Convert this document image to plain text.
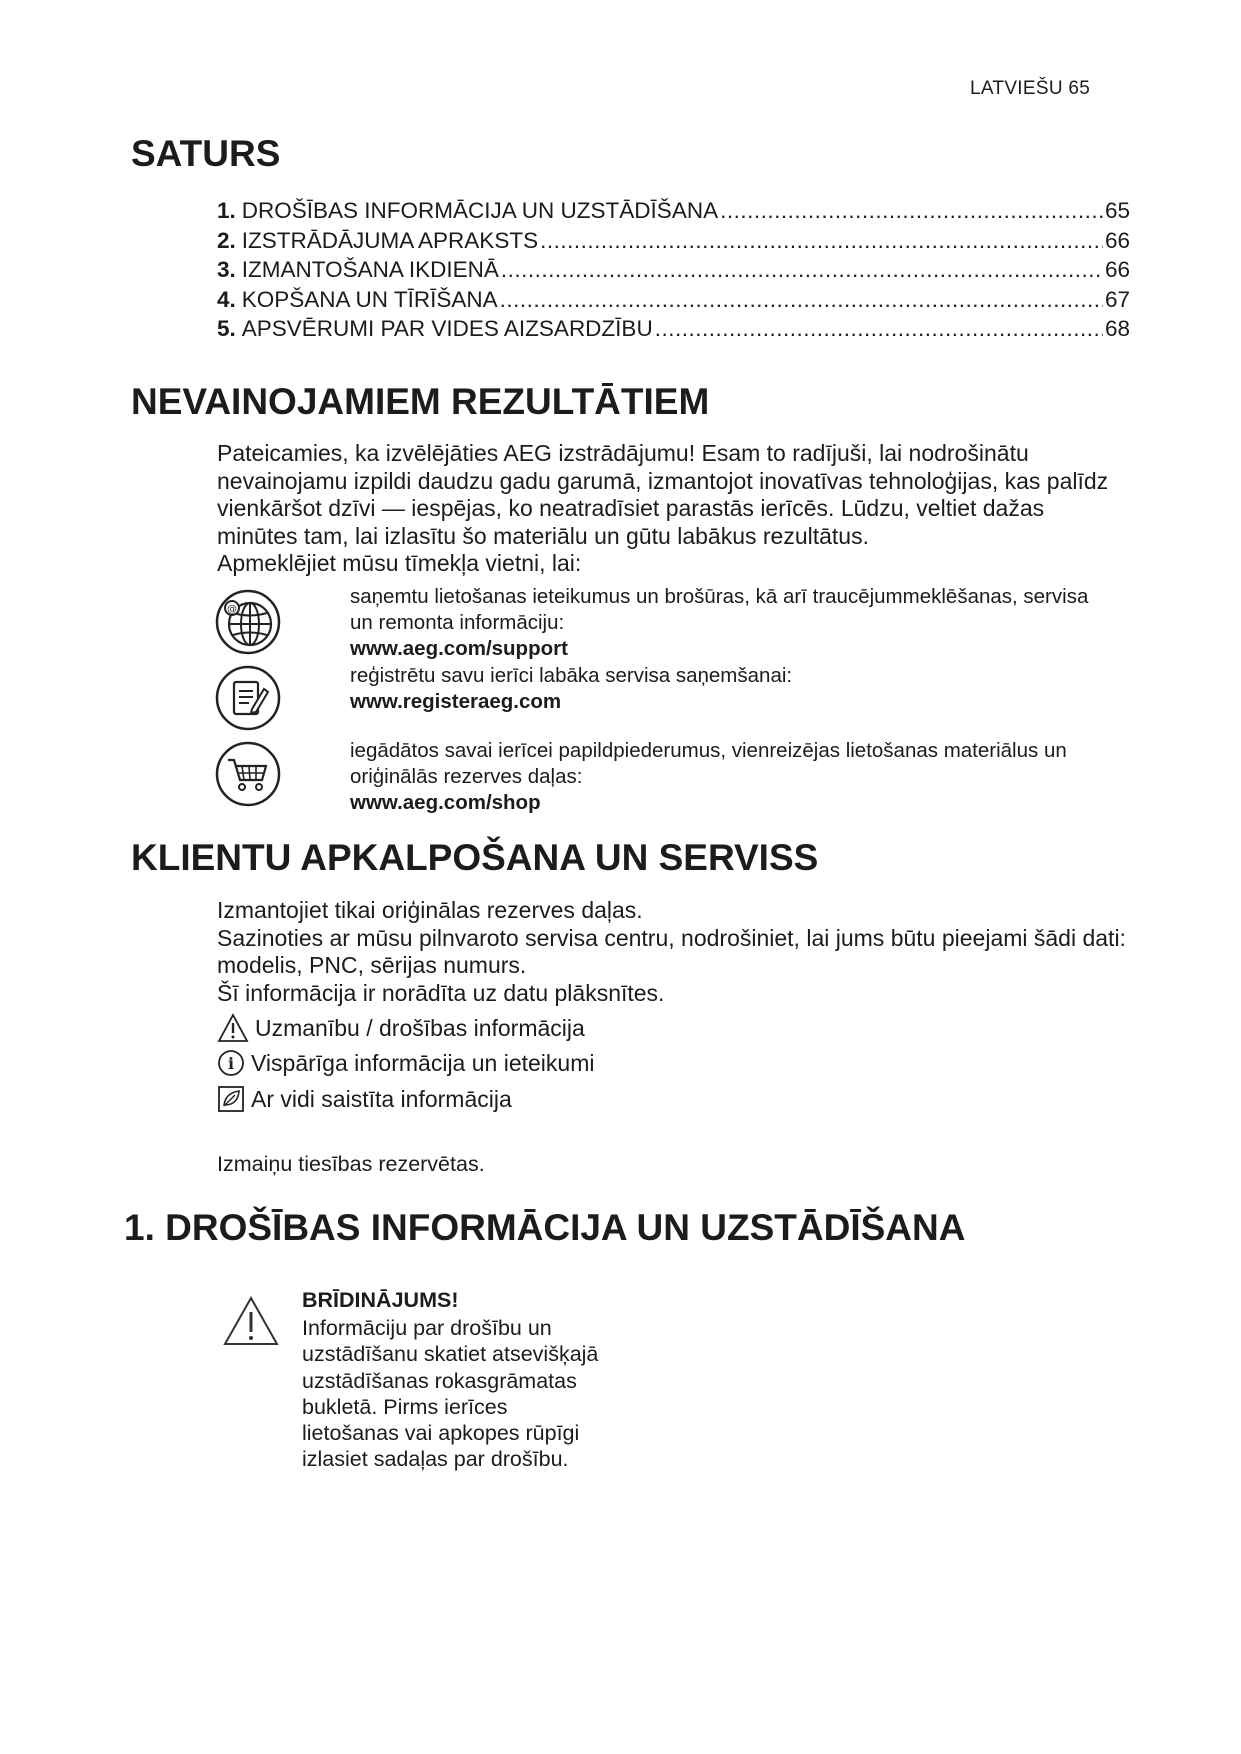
LATVIEŠU 65
SATURS
1. DROŠĪBAS INFORMĀCIJA UN UZSTĀDĪŠANA .....	65
2. IZSTRĀDĀJUMA APRAKSTS .....	66
3. IZMANTOŠANA IKDIENĀ .....	66
4. KOPŠANA UN TĪRĪŠANA .....	67
5. APSVĒRUMI PAR VIDES AIZSARDZĪBU .....	68
NEVAINOJAMIEM REZULTĀTIEM
Pateicamies, ka izvēlējāties AEG izstrādājumu! Esam to radījuši, lai nodrošinātu nevainojamu izpildi daudzu gadu garumā, izmantojot inovatīvas tehnoloģijas, kas palīdz vienkāršot dzīvi — iespējas, ko neatradīsiet parastās ierīcēs. Lūdzu, veltiet dažas minūtes tam, lai izlasītu šo materiālu un gūtu labākus rezultātus.
Apmeklējiet mūsu tīmekļa vietni, lai:
@
saņemtu lietošanas ieteikumus un brošūras, kā arī traucējummeklēšanas, servisa un remonta informāciju:
www.aeg.com/support
reģistrētu savu ierīci labāka servisa saņemšanai:
www.registeraeg.com
iegādātos savai ierīcei papildpiederumus, vienreizējas lietošanas materiālus un oriģinālās rezerves daļas:
www.aeg.com/shop
KLIENTU APKALPOŠANA UN SERVISS
Izmantojiet tikai oriģinālas rezerves daļas.
Sazinoties ar mūsu pilnvaroto servisa centru, nodrošiniet, lai jums būtu pieejami šādi dati: modelis, PNC, sērijas numurs.
Šī informācija ir norādīta uz datu plāksnītes.
Uzmanību / drošības informācija
i Vispārīga informācija un ieteikumi
Ar vidi saistīta informācija
Izmaiņu tiesības rezervētas.
1. DROŠĪBAS INFORMĀCIJA UN UZSTĀDĪŠANA
BRĪDINĀJUMS!

Informāciju par drošību un uzstādīšanu skatiet atsevišķajā uzstādīšanas rokasgrāmatas bukletā. Pirms ierīces lietošanas vai apkopes rūpīgi izlasiet sadaļas par drošību.
